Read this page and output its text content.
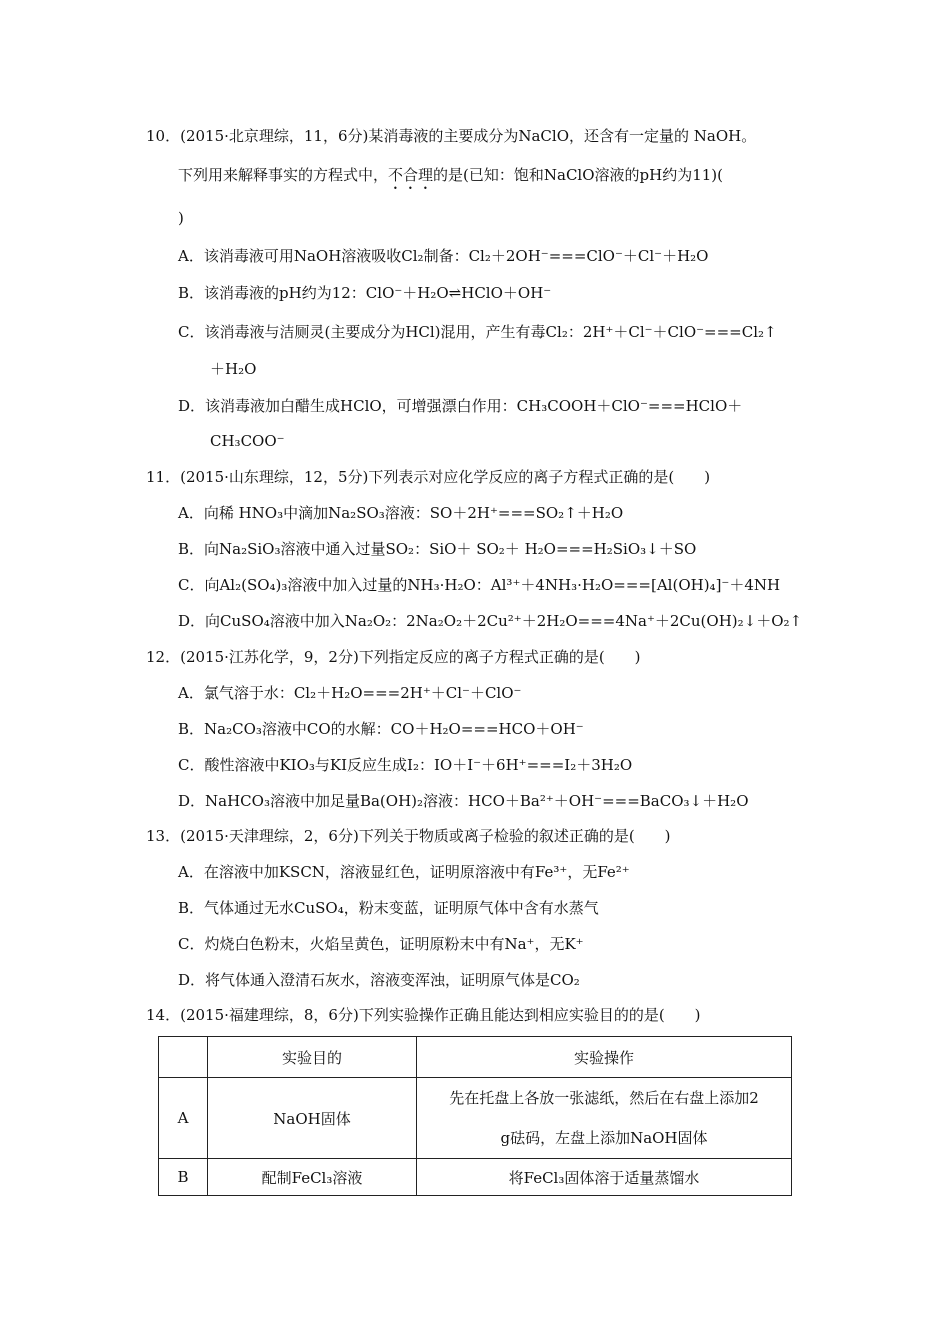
10．(2015·北京理综，11，6分)某消毒液的主要成分为NaClO，还含有一定量的 NaOH。
下列用来解释事实的方程式中，不合理的是(已知：饱和NaClO溶液的pH约为11)(
)
A．该消毒液可用NaOH溶液吸收Cl₂制备：Cl₂＋2OH⁻===ClO⁻＋Cl⁻＋H₂O
B．该消毒液的pH约为12：ClO⁻＋H₂O⇌HClO＋OH⁻
C．该消毒液与洁厕灵(主要成分为HCl)混用，产生有毒Cl₂：2H⁺＋Cl⁻＋ClO⁻===Cl₂↑
＋H₂O
D．该消毒液加白醋生成HClO，可增强漂白作用：CH₃COOH＋ClO⁻===HClO＋
CH₃COO⁻
11．(2015·山东理综，12，5分)下列表示对应化学反应的离子方程式正确的是(　　)
A．向稀 HNO₃中滴加Na₂SO₃溶液：SO＋2H⁺===SO₂↑＋H₂O
B．向Na₂SiO₃溶液中通入过量SO₂：SiO＋ SO₂＋ H₂O===H₂SiO₃↓＋SO
C．向Al₂(SO₄)₃溶液中加入过量的NH₃·H₂O：Al³⁺＋4NH₃·H₂O===[Al(OH)₄]⁻＋4NH
D．向CuSO₄溶液中加入Na₂O₂：2Na₂O₂＋2Cu²⁺＋2H₂O===4Na⁺＋2Cu(OH)₂↓＋O₂↑
12．(2015·江苏化学，9，2分)下列指定反应的离子方程式正确的是(　　)
A．氯气溶于水：Cl₂＋H₂O===2H⁺＋Cl⁻＋ClO⁻
B．Na₂CO₃溶液中CO的水解：CO＋H₂O===HCO＋OH⁻
C．酸性溶液中KIO₃与KI反应生成I₂：IO＋I⁻＋6H⁺===I₂＋3H₂O
D．NaHCO₃溶液中加足量Ba(OH)₂溶液：HCO＋Ba²⁺＋OH⁻===BaCO₃↓＋H₂O
13．(2015·天津理综，2，6分)下列关于物质或离子检验的叙述正确的是(　　)
A．在溶液中加KSCN，溶液显红色，证明原溶液中有Fe³⁺，无Fe²⁺
B．气体通过无水CuSO₄，粉末变蓝，证明原气体中含有水蒸气
C．灼烧白色粉末，火焰呈黄色，证明原粉末中有Na⁺，无K⁺
D．将气体通入澄清石灰水，溶液变浑浊，证明原气体是CO₂
14．(2015·福建理综，8，6分)下列实验操作正确且能达到相应实验目的的是(　　)
	实验目的	实验操作
A	NaOH固体	先在托盘上各放一张滤纸，然后在右盘上添加2
g砝码，左盘上添加NaOH固体

B	配制FeCl₃溶液	将FeCl₃固体溶于适量蒸馏水
